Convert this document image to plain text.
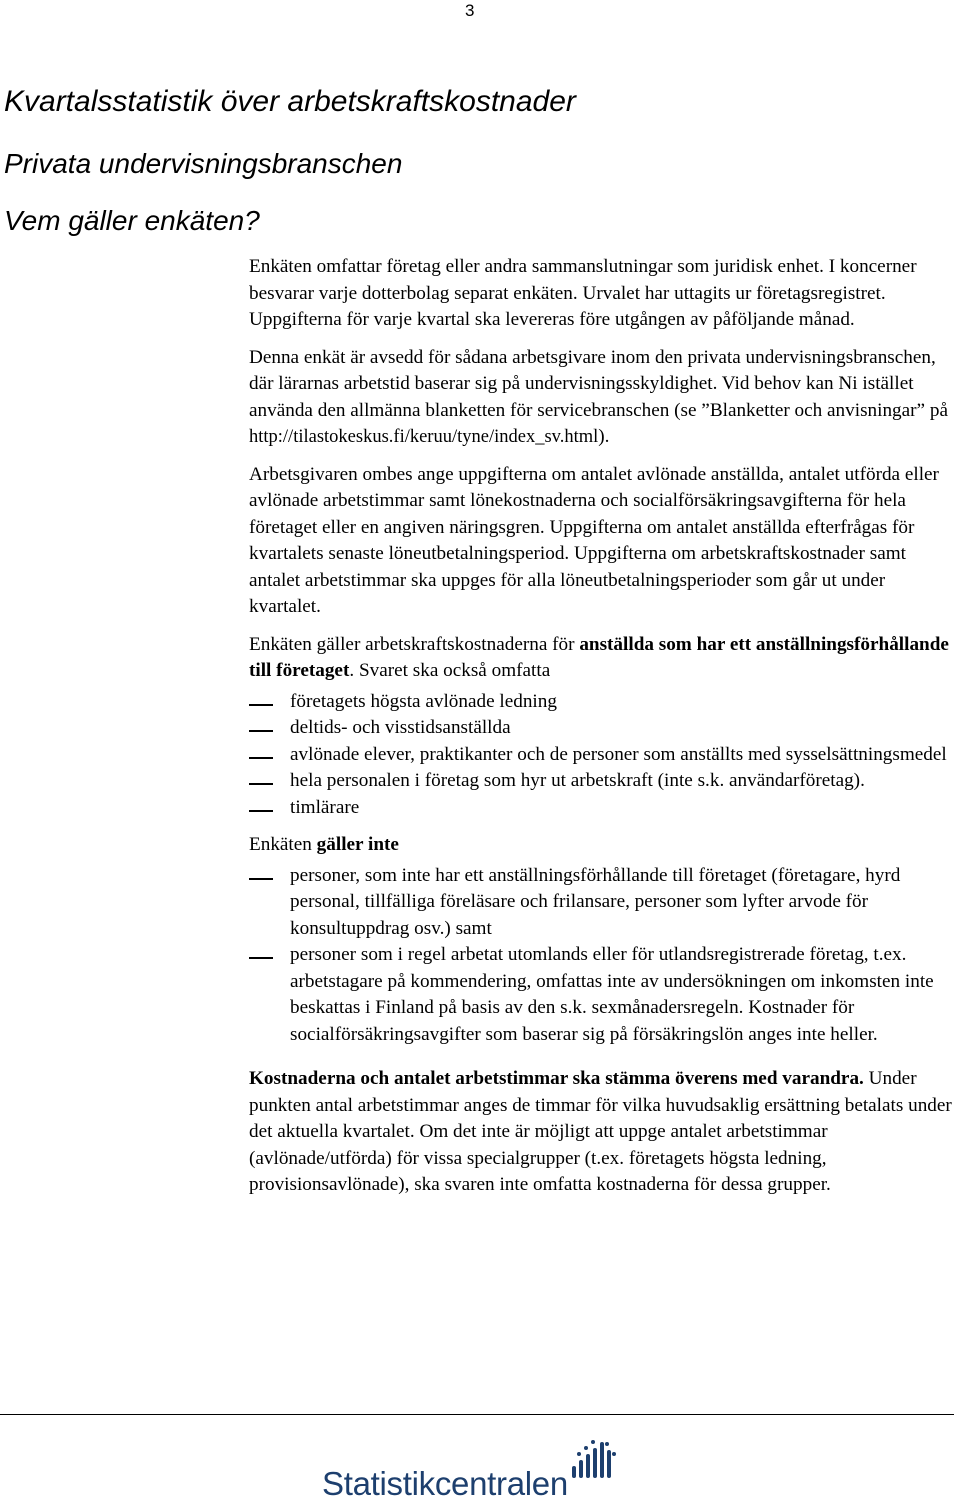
3
Kvartalsstatistik över arbetskraftskostnader
Privata undervisningsbranschen
Vem gäller enkäten?

Enkäten omfattar företag eller andra sammanslutningar som juridisk enhet. I koncerner besvarar varje dotterbolag separat enkäten. Urvalet har uttagits ur företagsregistret. Uppgifterna för varje kvartal ska levereras före utgången av påföljande månad.

Denna enkät är avsedd för sådana arbetsgivare inom den privata undervisningsbranschen, där lärarnas arbetstid baserar sig på undervisningsskyldighet. Vid behov kan Ni istället använda den allmänna blanketten för servicebranschen (se ”Blanketter och anvisningar” på http://tilastokeskus.fi/keruu/tyne/index_sv.html).

Arbetsgivaren ombes ange uppgifterna om antalet avlönade anställda, antalet utförda eller avlönade arbetstimmar samt lönekostnaderna och socialförsäkringsavgifterna för hela företaget eller en angiven näringsgren. Uppgifterna om antalet anställda efterfrågas för kvartalets senaste löneutbetalningsperiod. Uppgifterna om arbetskraftskostnader samt antalet arbetstimmar ska uppges för alla löneutbetalningsperioder som går ut under kvartalet.

Enkäten gäller arbetskraftskostnaderna för anställda som har ett anställningsförhållande till företaget. Svaret ska också omfatta

företagets högsta avlönade ledning
deltids- och visstidsanställda
avlönade elever, praktikanter och de personer som anställts med sysselsättningsmedel
hela personalen i företag som hyr ut arbetskraft (inte s.k. användarföretag).
timlärare

Enkäten gäller inte

personer, som inte har ett anställningsförhållande till företaget (företagare, hyrd personal, tillfälliga föreläsare och frilansare, personer som lyfter arvode för konsultuppdrag osv.) samt
personer som i regel arbetat utomlands eller för utlandsregistrerade företag, t.ex. arbetstagare på kommendering, omfattas inte av undersökningen om inkomsten inte beskattas i Finland på basis av den s.k. sexmånadersregeln. Kostnader för socialförsäkringsavgifter som baserar sig på försäkringslön anges inte heller.

Kostnaderna och antalet arbetstimmar ska stämma överens med varandra. Under punkten antal arbetstimmar anges de timmar för vilka huvudsaklig ersättning betalats under det aktuella kvartalet. Om det inte är möjligt att uppge antalet arbetstimmar (avlönade/utförda) för vissa specialgrupper (t.ex. företagets högsta ledning, provisionsavlönade), ska svaren inte omfatta kostnaderna för dessa grupper.

Statistikcentralen
